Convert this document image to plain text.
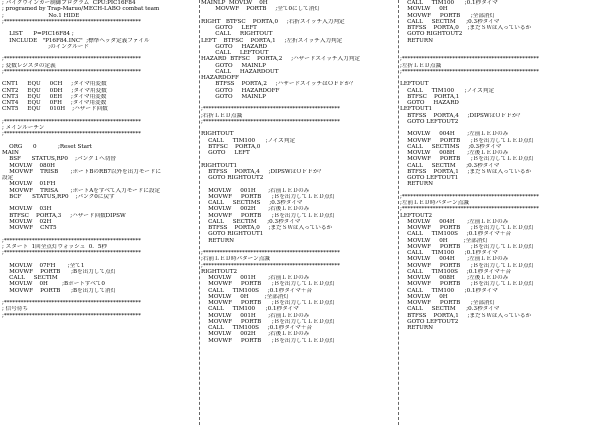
; バイクウインカー制御プログラム  CPU:PIC16F84
; programed by Trap-Maruo/MECH-LABO combat team
;                         No.1 HIDE
;*************************************************
LIST      P=PIC16F84 ;
INCLUDE   "P16F84.INC"  ;標準ヘッダ定義ファイル
;のインクルード
;*************************************************
; 変数レジスタの定義
;*************************************************
CNT1     EQU     0CH     ;タイマ用変数
CNT2     EQU     0DH     ;タイマ用変数
CNT3     EQU     0EH     ;タイマ用変数
CNT4     EQU     0FH     ;タイマ用変数
CNT5     EQU     010H    ;ハザード回数
;*************************************************
; メインルーチン
;*************************************************
ORG      0            ;Reset Start
MAIN
BSF      STATUS,RP0    ;バンク１へ切替
MOVLW    080H
MOVWF    TRISB       ;ポートBのRB7以外を出力モードに
設定
MOVLW    01FH
MOVWF    TRISA       ;ポートAをすべて入力モードに設定
BCF      STATUS,RP0    ;バンク0に戻す
MOVLW    03H
BTFSC    PORTA,3     ;ハザード回数DIPSW
MOVLW    02H
MOVWF    CNT5
;*************************************************
; スタート  1回全点灯ウォッシュ  0．5秒
;*************************************************
MOVLW    07FH       ;全て1
MOVWF    PORTB      ;Bを出力して点灯
CALL     SECTIM
MOVLW    0H        ;Bポートすべて0
MOVWF    PORTB      ;Bを出力して消灯
;*************************************************
; 信号待ち
;*************************************************
MAINLP  MOVLW    0H
MOVWF    PORTB     ;全て0にして消灯
RIGHT   BTFSC    PORTA,0     ;右折スイッチ入力判定
GOTO     LEFT
CALL     RIGHTOUT
LEFT    BTFSC    PORTA,1     ;左折スイッチ入力判定
GOTO     HAZARD
CALL     LEFTOUT
HAZARD  BTFSC    PORTA,2     ;ハザードスイッチ入力判定
GOTO     MAINLP
CALL     HAZARDOUT
HAZARDOFF
BTFSS    PORTA,2     ;ハザードスイッチはＯＦＦか？
GOTO     HAZARDOFF
GOTO     MAINLP
;*************************************************
;右折ＬＥＤ点滅
;*************************************************
RIGHTOUT
CALL     TIM100      ;ノイズ判定
BTFSC    PORTA,0
GOTO     LEFT
RIGHTOUT1
BTFSS    PORTA,4     ;DIPSWはＯＦＦか？
GOTO RIGHTOUT2
MOVLW     001H       ;右前ＬＥＤのみ
MOVWF     PORTB      ;Ｂを出力してＬＥＤ点灯
CALL     SECTIMS     ;0.3秒タイマ
MOVLW     002H       ;右後ＬＥＤのみ
MOVWF     PORTB      ;Ｂを出力してＬＥＤ点灯
CALL     SECTIM      ;0.3秒タイマ
BTFSS    PORTA,0     ;まだＳＷは入っているか
GOTO RIGHTOUT1
RETURN
;*************************************************
;右前ＬＥＤ時パターン点滅
;*************************************************
RIGHTOUT2
MOVLW     001H       ;右前ＬＥＤのみ
MOVWF     PORTB      ;Ｂを出力してＬＥＤ点灯
CALL     TIM100S     ;0.1秒タイマ＋音
MOVLW     0H         ;全部消灯
MOVWF     PORTB      ;Ｂを出力してＬＥＤ点灯
CALL     TIM100      ;0.1秒タイマ
MOVLW     001H       ;右前ＬＥＤのみ
MOVWF     PORTB      ;Ｂを出力してＬＥＤ点灯
CALL     TIM100S     ;0.1秒タイマ＋音
MOVLW     002H       ;右後ＬＥＤのみ
MOVWF     PORTB      ;Ｂを出力してＬＥＤ点灯
CALL     TIM100      ;0.1秒タイマ
MOVLW     0H
MOVWF     PORTB      ;全部消灯
CALL     SECTIM      ;0.3秒タイマ
BTFSS    PORTA,0     ;まだＳＷは入っているか
GOTO RIGHTOUT2
RETURN
;*************************************************
;左折ＬＥＤ点滅
;*************************************************
LEFTOUT
CALL     TIM100      ;ノイズ判定
BTFSC    PORTA,1
GOTO     HAZARD
LEFTOUT1
BTFSS    PORTA,4     ;DIPSWはＯＦＦか？
GOTO LEFTOUT2
MOVLW     004H       ;左前ＬＥＤのみ
MOVWF     PORTB      ;Ｂを出力してＬＥＤ点灯
CALL     SECTIMS     ;0.3秒タイマ
MOVLW     008H       ;左後ＬＥＤのみ
MOVWF     PORTB      ;Ｂを出力してＬＥＤ点灯
CALL     SECTIM      ;0.3秒タイマ
BTFSS    PORTA,1     ;まだＳＷは入っているか
GOTO LEFTOUT1
RETURN
;*************************************************
;左前ＬＥＤ時パターン点滅
;*************************************************
LEFTOUT2
MOVLW     004H       ;左前ＬＥＤのみ
MOVWF     PORTB      ;Ｂを出力してＬＥＤ点灯
CALL     TIM100S     ;0.1秒タイマ＋音
MOVLW     0H         ;全部消灯
MOVWF     PORTB      ;Ｂを出力してＬＥＤ点灯
CALL     TIM100      ;0.1秒タイマ
MOVLW     004H       ;左前ＬＥＤのみ
MOVWF     PORTB      ;Ｂを出力してＬＥＤ点灯
CALL     TIM100S     ;0.1秒タイマ＋音
MOVLW     008H       ;左後ＬＥＤのみ
MOVWF     PORTB      ;Ｂを出力してＬＥＤ点灯
CALL     TIM100      ;0.1秒タイマ
MOVLW     0H
MOVWF     PORTB      ;全部消灯
CALL     SECTIM      ;0.3秒タイマ
BTFSS    PORTA,1     ;まだＳＷは入っているか
GOTO LEFTOUT2
RETURN
